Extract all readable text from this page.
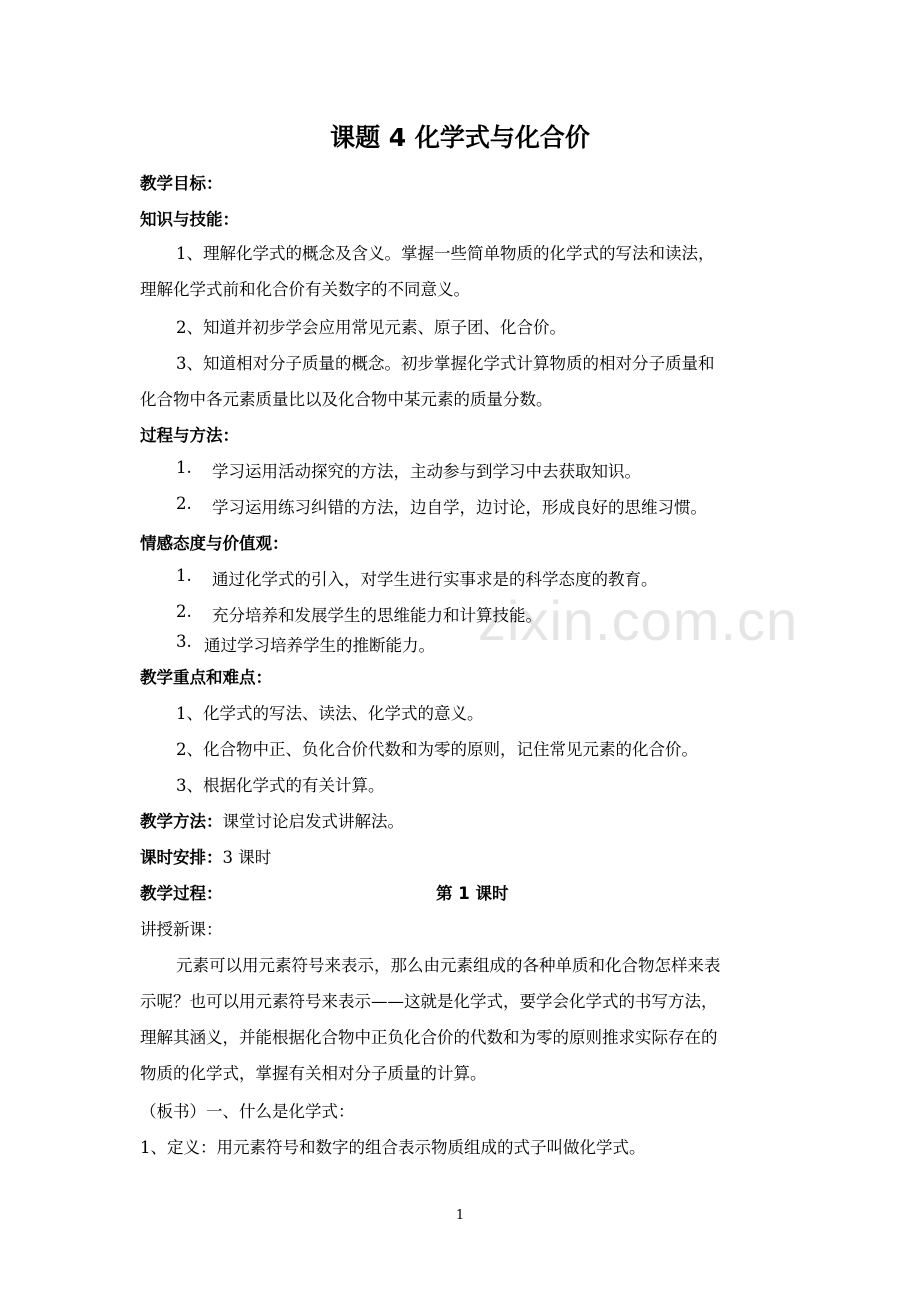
zixin.com.cn
课题 4 化学式与化合价
教学目标：
知识与技能：
1、理解化学式的概念及含义。掌握一些简单物质的化学式的写法和读法，
理解化学式前和化合价有关数字的不同意义。
2、知道并初步学会应用常见元素、原子团、化合价。
3、知道相对分子质量的概念。初步掌握化学式计算物质的相对分子质量和
化合物中各元素质量比以及化合物中某元素的质量分数。
过程与方法：
1. 学习运用活动探究的方法，主动参与到学习中去获取知识。
2. 学习运用练习纠错的方法，边自学，边讨论，形成良好的思维习惯。
情感态度与价值观：
1. 通过化学式的引入，对学生进行实事求是的科学态度的教育。
2. 充分培养和发展学生的思维能力和计算技能。
3. 通过学习培养学生的推断能力。
教学重点和难点：
1、化学式的写法、读法、化学式的意义。
2、化合物中正、负化合价代数和为零的原则，记住常见元素的化合价。
3、根据化学式的有关计算。
教学方法：课堂讨论启发式讲解法。
课时安排：3 课时
教学过程：	第 1 课时
讲授新课：
元素可以用元素符号来表示，那么由元素组成的各种单质和化合物怎样来表
示呢？也可以用元素符号来表示——这就是化学式，要学会化学式的书写方法，
理解其涵义，并能根据化合物中正负化合价的代数和为零的原则推求实际存在的
物质的化学式，掌握有关相对分子质量的计算。
（板书）一、什么是化学式：
1、定义：用元素符号和数字的组合表示物质组成的式子叫做化学式。
1
